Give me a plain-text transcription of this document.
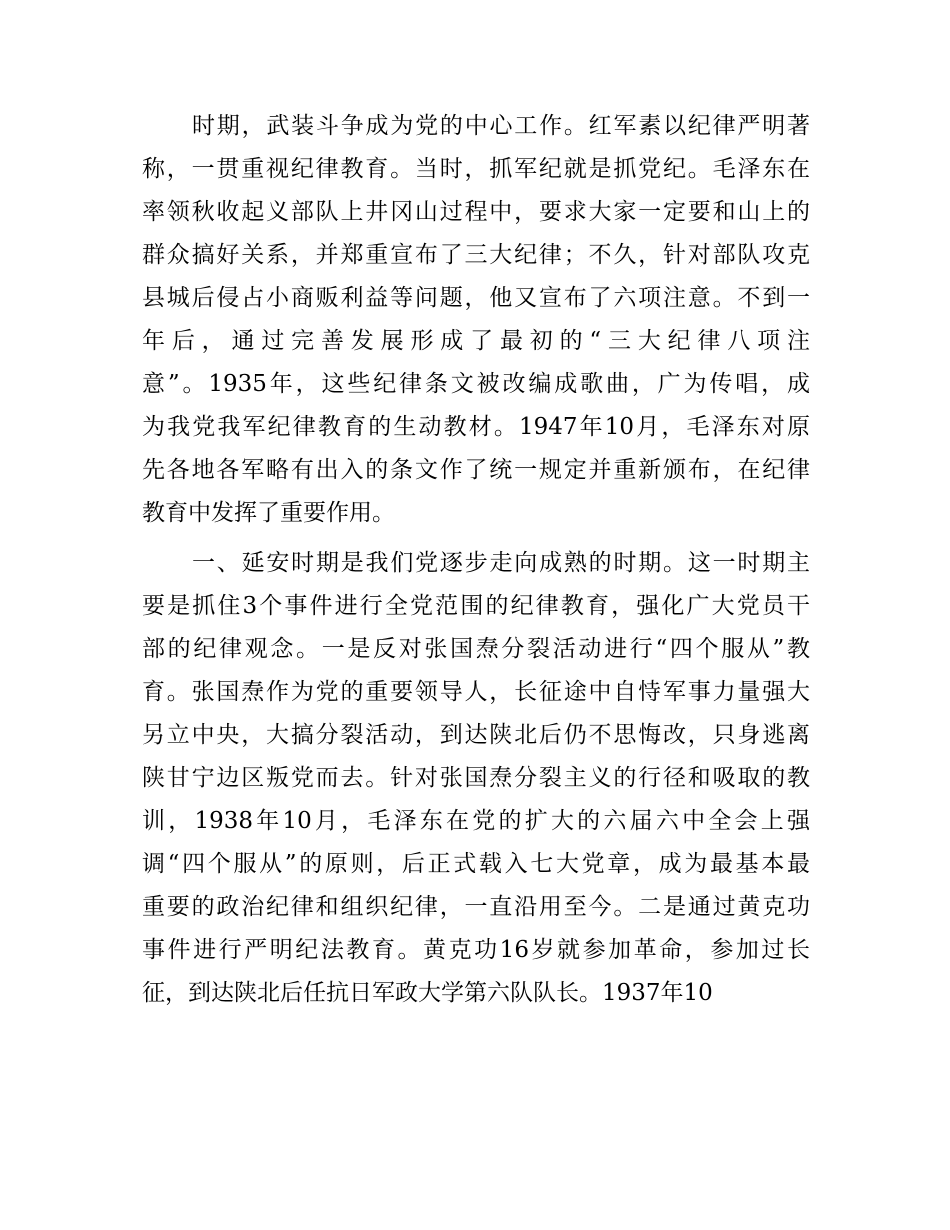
时期，武装斗争成为党的中心工作。红军素以纪律严明著
称，一贯重视纪律教育。当时，抓军纪就是抓党纪。毛泽东在
率领秋收起义部队上井冈山过程中，要求大家一定要和山上的
群众搞好关系，并郑重宣布了三大纪律；不久，针对部队攻克
县城后侵占小商贩利益等问题，他又宣布了六项注意。不到一
年后，通过完善发展形成了最初的“三大纪律八项注
意”。1935年，这些纪律条文被改编成歌曲，广为传唱，成
为我党我军纪律教育的生动教材。1947年10月，毛泽东对原
先各地各军略有出入的条文作了统一规定并重新颁布，在纪律
教育中发挥了重要作用。
一、延安时期是我们党逐步走向成熟的时期。这一时期主
要是抓住3个事件进行全党范围的纪律教育，强化广大党员干
部的纪律观念。一是反对张国焘分裂活动进行“四个服从”教
育。张国焘作为党的重要领导人，长征途中自恃军事力量强大
另立中央，大搞分裂活动，到达陕北后仍不思悔改，只身逃离
陕甘宁边区叛党而去。针对张国焘分裂主义的行径和吸取的教
训，1938年10月，毛泽东在党的扩大的六届六中全会上强
调“四个服从”的原则，后正式载入七大党章，成为最基本最
重要的政治纪律和组织纪律，一直沿用至今。二是通过黄克功
事件进行严明纪法教育。黄克功16岁就参加革命，参加过长
征，到达陕北后任抗日军政大学第六队队长。1937年10
